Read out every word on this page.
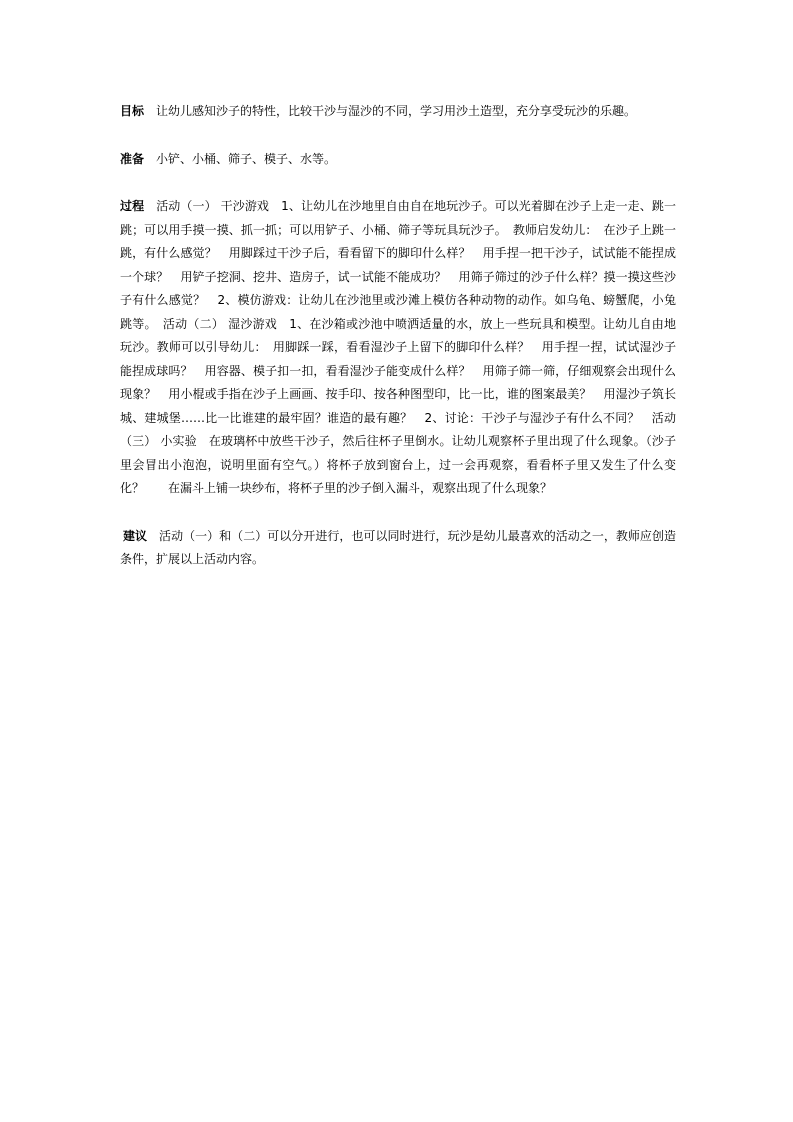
目标 让幼儿感知沙子的特性，比较干沙与湿沙的不同，学习用沙土造型，充分享受玩沙的乐趣。

准备 小铲、小桶、筛子、模子、水等。

过程 活动（一） 干沙游戏　1、让幼儿在沙地里自由自在地玩沙子。可以光着脚在沙子上走一走、跳一跳；可以用手摸一摸、抓一抓；可以用铲子、小桶、筛子等玩具玩沙子。　教师启发幼儿：　在沙子上跳一跳，有什么感觉？　用脚踩过干沙子后，看看留下的脚印什么样？　用手捏一把干沙子，试试能不能捏成一个球？　用铲子挖洞、挖井、造房子，试一试能不能成功？　用筛子筛过的沙子什么样？摸一摸这些沙子有什么感觉？　2、模仿游戏：让幼儿在沙池里或沙滩上模仿各种动物的动作。如乌龟、螃蟹爬，小兔跳等。　活动（二） 湿沙游戏　1、在沙箱或沙池中喷洒适量的水，放上一些玩具和模型。让幼儿自由地玩沙。教师可以引导幼儿：　用脚踩一踩，看看湿沙子上留下的脚印什么样？　用手捏一捏，试试湿沙子能捏成球吗？　用容器、模子扣一扣，看看湿沙子能变成什么样？　用筛子筛一筛，仔细观察会出现什么现象？　用小棍或手指在沙子上画画、按手印、按各种图型印，比一比，谁的图案最美？　用湿沙子筑长城、建城堡……比一比谁建的最牢固？谁造的最有趣？　2、讨论：干沙子与湿沙子有什么不同？　活动（三） 小实验　在玻璃杯中放些干沙子，然后往杯子里倒水。让幼儿观察杯子里出现了什么现象。（沙子里会冒出小泡泡，说明里面有空气。）将杯子放到窗台上，过一会再观察，看看杯子里又发生了什么变化？　　在漏斗上铺一块纱布，将杯子里的沙子倒入漏斗，观察出现了什么现象？

建议 活动（一）和（二）可以分开进行，也可以同时进行，玩沙是幼儿最喜欢的活动之一，教师应创造条件，扩展以上活动内容。
